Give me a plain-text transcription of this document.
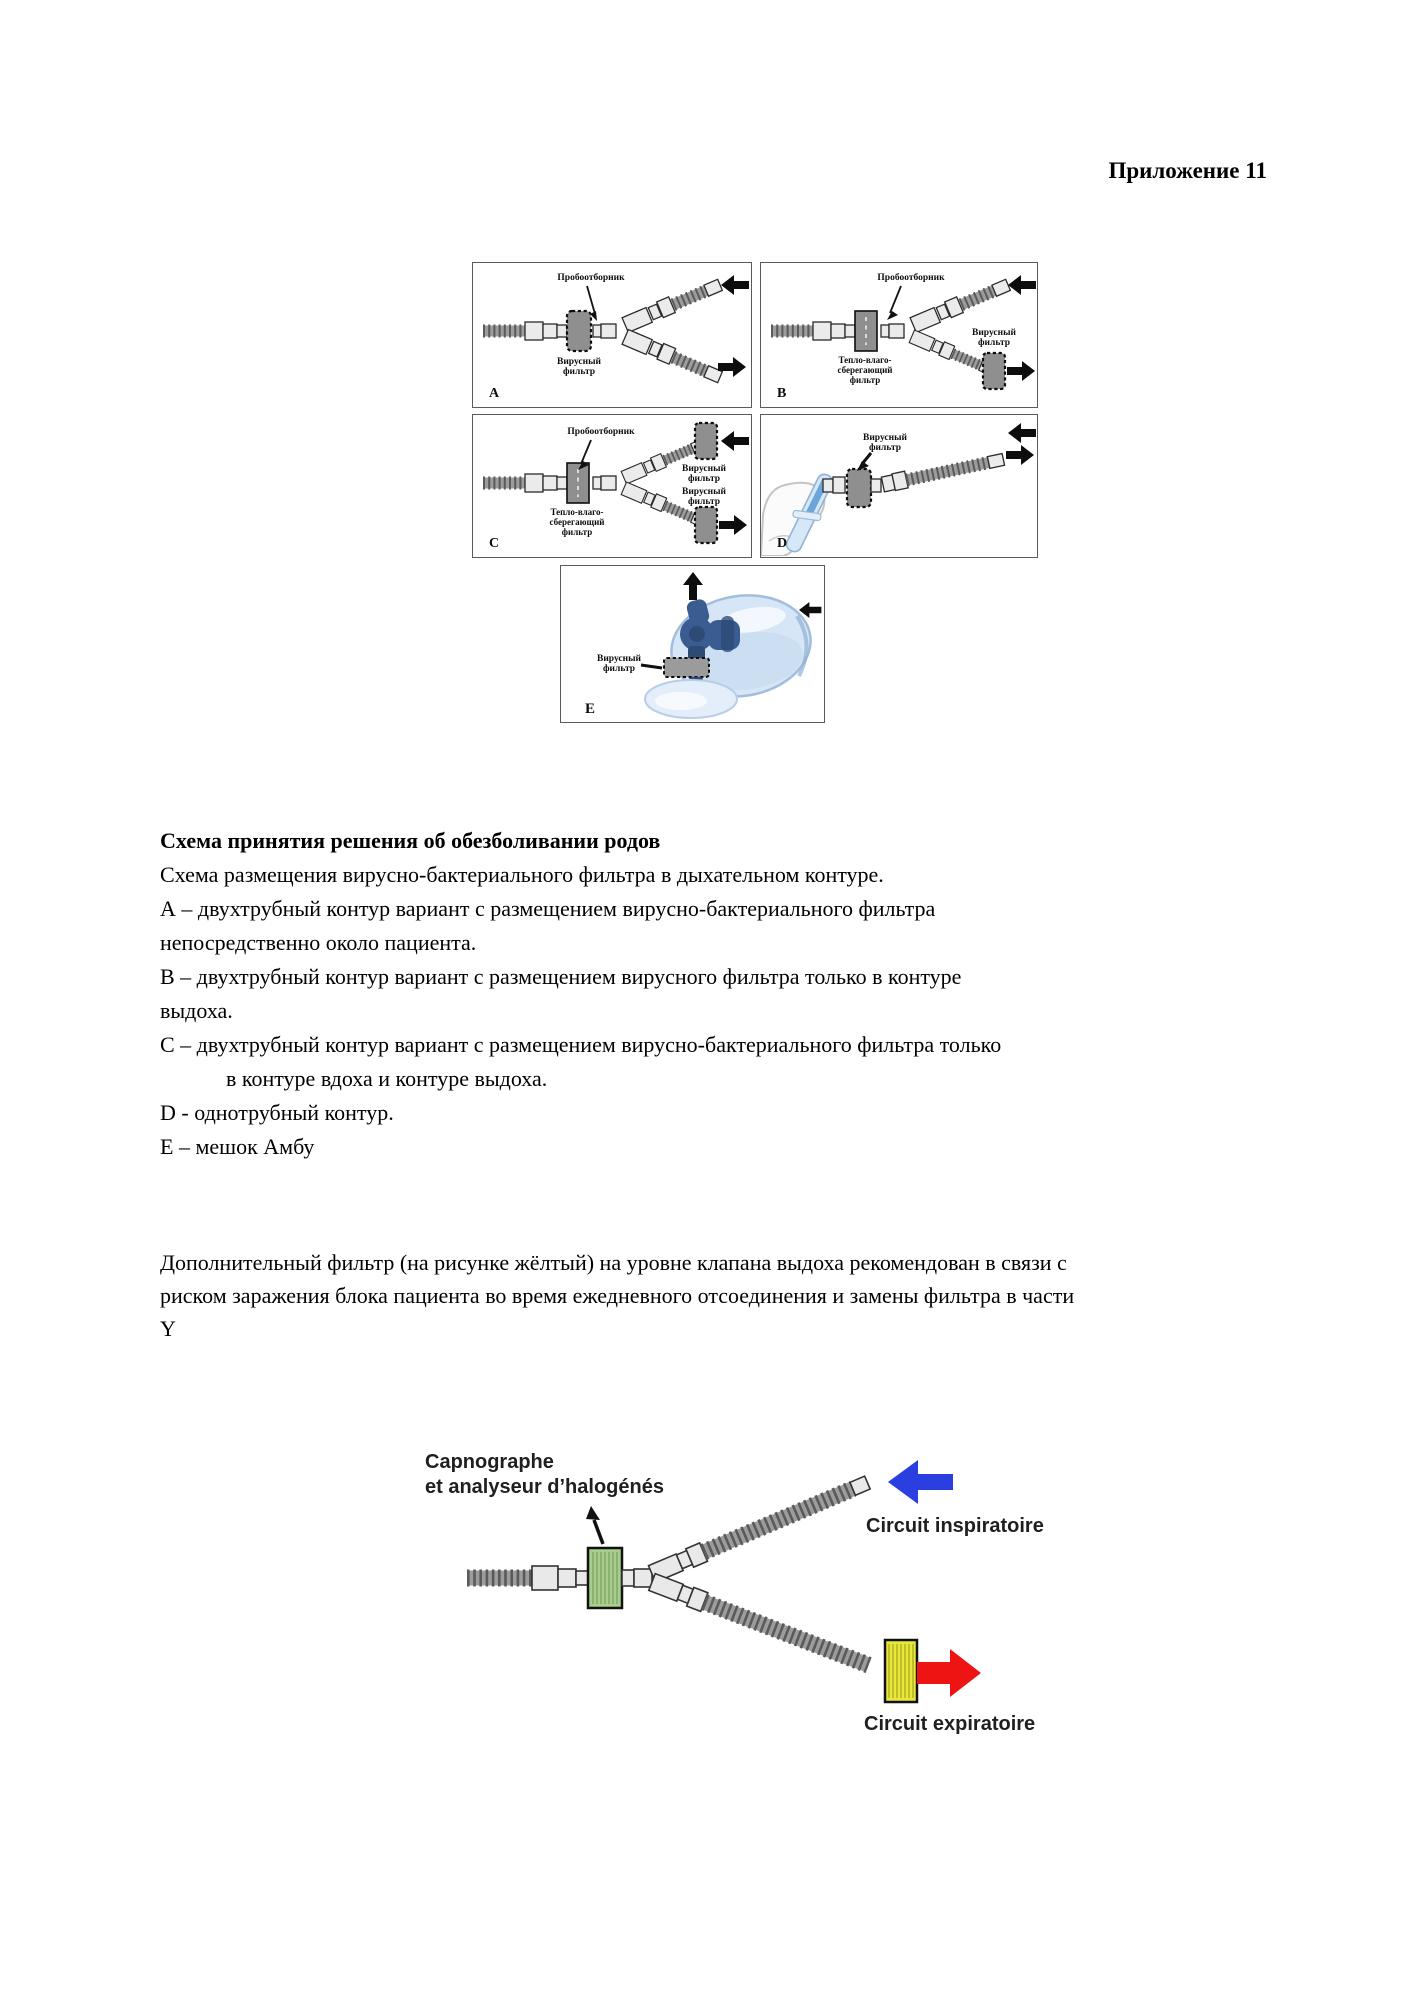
Приложение 11
Пробоотборник
Вирусный
фильтр
A
Пробоотборник
Тепло-влаго-
сберегающий
фильтр
Вирусный
фильтр
B
Пробоотборник
Тепло-влаго-
сберегающий
фильтр
Вирусный
фильтр
Вирусный
фильтр
C
Вирусный
фильтр
D
Вирусный
фильтр
E
Схема принятия решения об обезболивании родов
Схема размещения вирусно-бактериального фильтра в дыхательном контуре.
А – двухтрубный контур вариант с размещением вирусно-бактериального фильтра
непосредственно около пациента.
В – двухтрубный контур вариант с размещением вирусного фильтра только в контуре
выдоха.
С – двухтрубный контур вариант с размещением вирусно-бактериального фильтра только
в контуре вдоха и контуре выдоха.
D - однотрубный контур.
Е – мешок Амбу
Дополнительный фильтр (на рисунке жёлтый) на уровне клапана выдоха рекомендован в связи с
риском заражения блока пациента во время ежедневного отсоединения и замены фильтра в части
Y
Capnographe
et analyseur d’halogénés
Circuit inspiratoire
Circuit expiratoire
